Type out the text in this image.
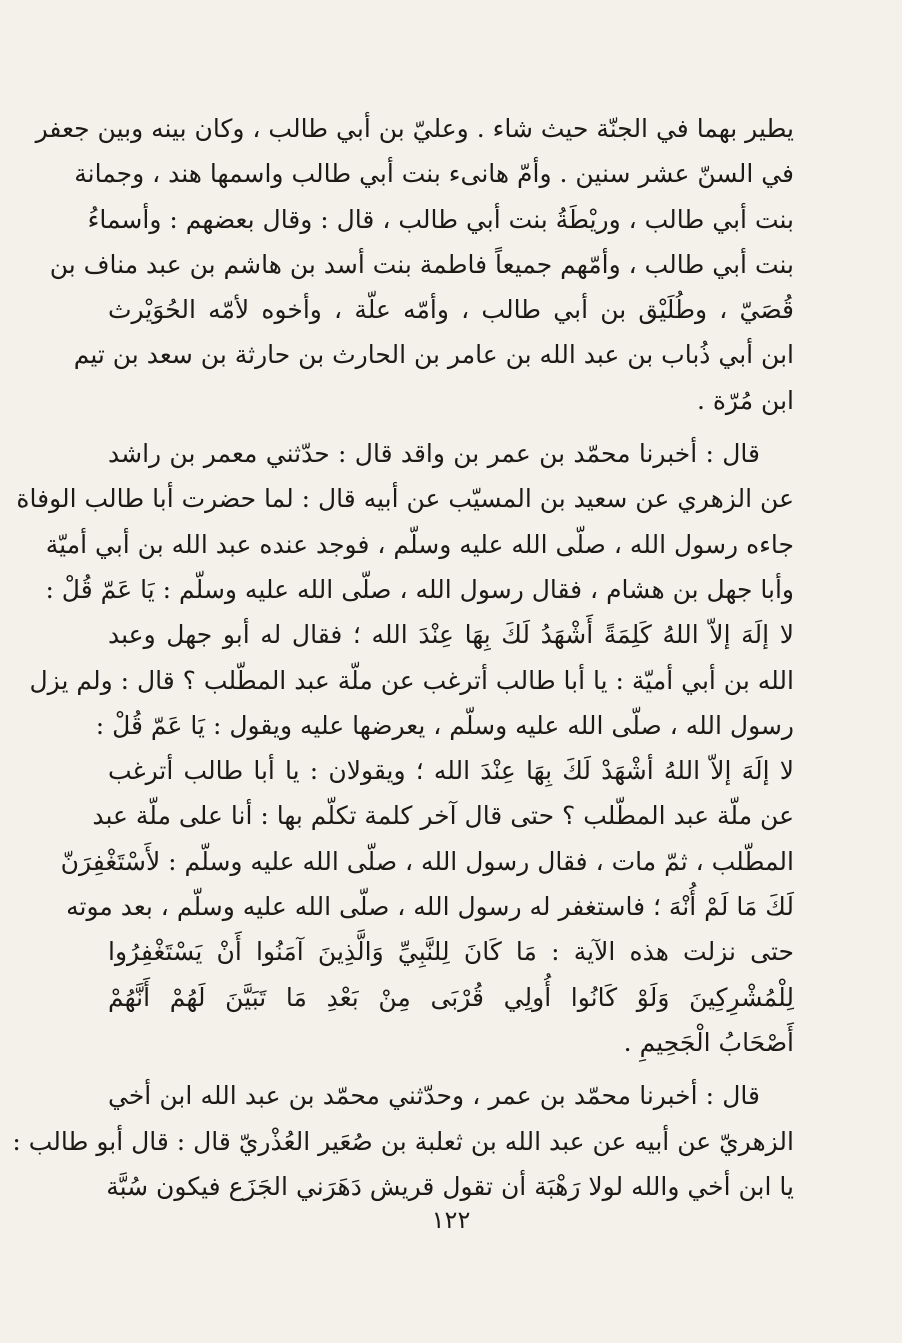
يطير بهما في الجنّة حيث شاء . وعليّ بن أبي طالب ، وكان بينه وبين جعفر
في السنّ عشر سنين . وأمّ هانىء بنت أبي طالب واسمها هند ، وجمانة
بنت أبي طالب ، وريْطَةُ بنت أبي طالب ، قال : وقال بعضهم : وأسماءُ
بنت أبي طالب ، وأمّهم جميعاً فاطمة بنت أسد بن هاشم بن عبد مناف بن
قُصَيّ ، وطُلَيْق بن أبي طالب ، وأمّه علّة ، وأخوه لأمّه الحُوَيْرث
ابن أبي ذُباب بن عبد الله بن عامر بن الحارث بن حارثة بن سعد بن تيم
ابن مُرّة .
قال : أخبرنا محمّد بن عمر بن واقد قال : حدّثني معمر بن راشد
عن الزهري عن سعيد بن المسيّب عن أبيه قال : لما حضرت أبا طالب الوفاة
جاءه رسول الله ، صلّى الله عليه وسلّم ، فوجد عنده عبد الله بن أبي أميّة
وأبا جهل بن هشام ، فقال رسول الله ، صلّى الله عليه وسلّم : يَا عَمّ قُلْ :
لا إلَهَ إلاّ اللهُ كَلِمَةً أَشْهَدُ لَكَ بِهَا عِنْدَ الله ؛ فقال له أبو جهل وعبد
الله بن أبي أميّة : يا أبا طالب أترغب عن ملّة عبد المطّلب ؟ قال : ولم يزل
رسول الله ، صلّى الله عليه وسلّم ، يعرضها عليه ويقول : يَا عَمّ قُلْ :
لا إلَهَ إلاّ اللهُ أشْهَدْ لَكَ بِهَا عِنْدَ الله ؛ ويقولان : يا أبا طالب أترغب
عن ملّة عبد المطّلب ؟ حتى قال آخر كلمة تكلّم بها : أنا على ملّة عبد
المطّلب ، ثمّ مات ، فقال رسول الله ، صلّى الله عليه وسلّم : لأَسْتَغْفِرَنّ
لَكَ مَا لَمْ أُنْهَ ؛ فاستغفر له رسول الله ، صلّى الله عليه وسلّم ، بعد موته
حتى نزلت هذه الآية : مَا كَانَ لِلنَّبِيِّ وَالَّذِينَ آمَنُوا أَنْ يَسْتَغْفِرُوا
لِلْمُشْرِكِينَ وَلَوْ كَانُوا أُولِي قُرْبَى مِنْ بَعْدِ مَا تَبَيَّنَ لَهُمْ أَنَّهُمْ
أَصْحَابُ الْجَحِيمِ .
قال : أخبرنا محمّد بن عمر ، وحدّثني محمّد بن عبد الله ابن أخي
الزهريّ عن أبيه عن عبد الله بن ثعلبة بن صُعَير العُذْريّ قال : قال أبو طالب :
يا ابن أخي والله لولا رَهْبَة أن تقول قريش دَهَرَني الجَزَع فيكون سُبَّة
١٢٢
